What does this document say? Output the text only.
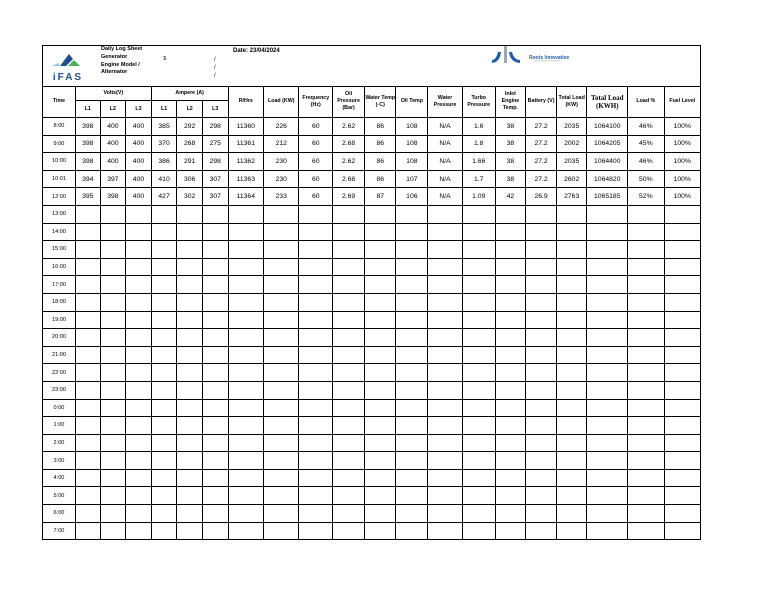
iFAS
Daily Log Sheet
Generator
Engine Model /
Alternator
3	/
/
/
Date: 23/04/2024
Roots Innovative
▔▔▔▔▔▔▔▔▔▔▔▔
Time	Volts(V)			Ampere (A)			R/Hrs	Load (KW)	Frequency (Hz)	Oil Pressure (Bar)	Water Temp (◦C)	Oil Temp	Water Pressure	Turbo Pressure	Inlet Engine Temp.	Battery (V)	Total Load (KW)	Total Load (KWH)	Load %	Fuel Level
	L1	L2	L3	L1	L2	L3														
8:00	398	400	400	385	292	298	11360	226	60	2.62	86	108	N/A	1.6	38	27.2	2035	1064100	46%	100%
9:00	398	400	400	370	268	275	11361	212	60	2.68	86	108	N/A	1.8	38	27.2	2002	1064205	45%	100%
10:00	398	400	400	386	291	298	11362	230	60	2.62	86	108	N/A	1.66	38	27.2	2035	1064400	46%	100%
10:01	394	397	400	410	306	307	11363	230	60	2.68	86	107	N/A	1.7	38	27.2	2602	1064820	50%	100%
12:00	395	398	400	427	302	307	11364	233	60	2.69	87	106	N/A	1.09	42	26.9	2763	1065185	52%	100%
13:00																				
14:00																				
15:00																				
16:00																				
17:00																				
18:00																				
19:00																				
20:00																				
21:00																				
22:00																				
23:00																				
0:00																				
1:00																				
2:00																				
3:00																				
4:00																				
5:00																				
6:00																				
7:00																				
